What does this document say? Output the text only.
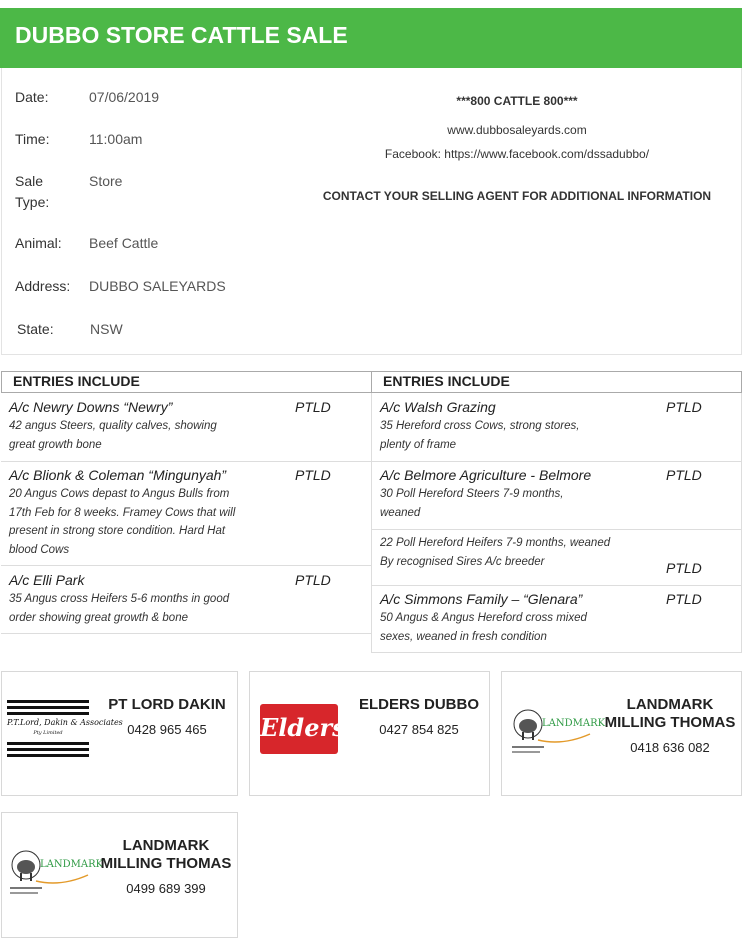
DUBBO STORE CATTLE SALE
Date:	07/06/2019
Time:	11:00am
Sale Type:
Store
Animal:	Beef Cattle
Address:	DUBBO SALEYARDS
State:	NSW
***800 CATTLE 800***
www.dubbosaleyards.com
Facebook: https://www.facebook.com/dssadubbo/
CONTACT YOUR SELLING AGENT FOR ADDITIONAL INFORMATION
ENTRIES INCLUDE
A/c Newry Downs “Newry”	PTLD
42 angus Steers, quality calves, showing great growth bone
A/c Blionk & Coleman “Mingunyah”	PTLD
20 Angus Cows depast to Angus Bulls from 17th Feb for 8 weeks. Framey Cows that will present in strong store condition. Hard Hat blood Cows
A/c Elli Park	PTLD
35 Angus cross Heifers 5-6 months in good order showing great growth & bone
ENTRIES INCLUDE
A/c Walsh Grazing	PTLD
35 Hereford cross Cows, strong stores, plenty of frame
A/c Belmore Agriculture - Belmore	PTLD
30 Poll Hereford Steers 7-9 months, weaned
PTLD
22 Poll Hereford Heifers 7-9 months, weaned By recognised Sires A/c breeder
A/c Simmons Family – “Glenara”	PTLD
50 Angus & Angus Hereford cross mixed sexes, weaned in fresh condition
P.T.Lord, Dakin & Associates
Pty Limited
PT LORD DAKIN
0428 965 465	Elders
ELDERS DUBBO
0427 854 825	LANDMARK
LANDMARK MILLING THOMAS
0418 636 082
LANDMARK
LANDMARK MILLING THOMAS
0499 689 399
